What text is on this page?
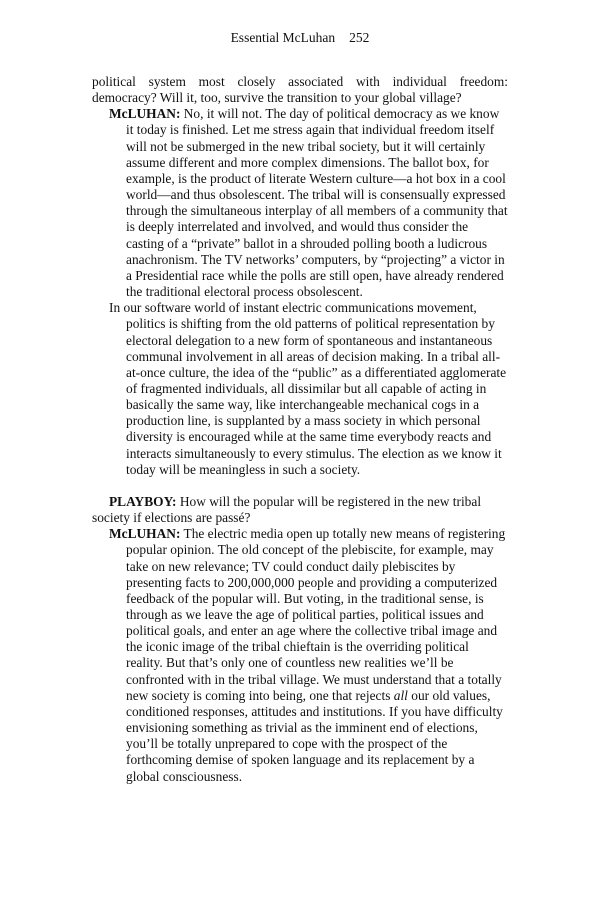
Essential McLuhan 252

political system most closely associated with individual freedom: democracy? Will it, too, survive the transition to your global village?

McLUHAN: No, it will not. The day of political democracy as we know it today is finished. Let me stress again that individual freedom itself will not be submerged in the new tribal society, but it will certainly assume different and more complex dimensions. The ballot box, for example, is the product of literate Western culture—a hot box in a cool world—and thus obsolescent. The tribal will is consensually expressed through the simultaneous interplay of all members of a community that is deeply interrelated and involved, and would thus consider the casting of a “private” ballot in a shrouded polling booth a ludicrous anachronism. The TV networks’ computers, by “projecting” a victor in a Presidential race while the polls are still open, have already rendered the traditional electoral process obsolescent.

In our software world of instant electric communications movement, politics is shifting from the old patterns of political representation by electoral delegation to a new form of spontaneous and instantaneous communal involvement in all areas of decision making. In a tribal all-at-once culture, the idea of the “public” as a differentiated agglomerate of fragmented individuals, all dissimilar but all capable of acting in basically the same way, like interchangeable mechanical cogs in a production line, is supplanted by a mass society in which personal diversity is encouraged while at the same time everybody reacts and interacts simultaneously to every stimulus. The election as we know it today will be meaningless in such a society.

PLAYBOY: How will the popular will be registered in the new tribal society if elections are passé?

McLUHAN: The electric media open up totally new means of registering popular opinion. The old concept of the plebiscite, for example, may take on new relevance; TV could conduct daily plebiscites by presenting facts to 200,000,000 people and providing a computerized feedback of the popular will. But voting, in the traditional sense, is through as we leave the age of political parties, political issues and political goals, and enter an age where the collective tribal image and the iconic image of the tribal chieftain is the overriding political reality. But that’s only one of countless new realities we’ll be confronted with in the tribal village. We must understand that a totally new society is coming into being, one that rejects all our old values, conditioned responses, attitudes and institutions. If you have difficulty envisioning something as trivial as the imminent end of elections, you’ll be totally unprepared to cope with the prospect of the forthcoming demise of spoken language and its replacement by a global consciousness.
